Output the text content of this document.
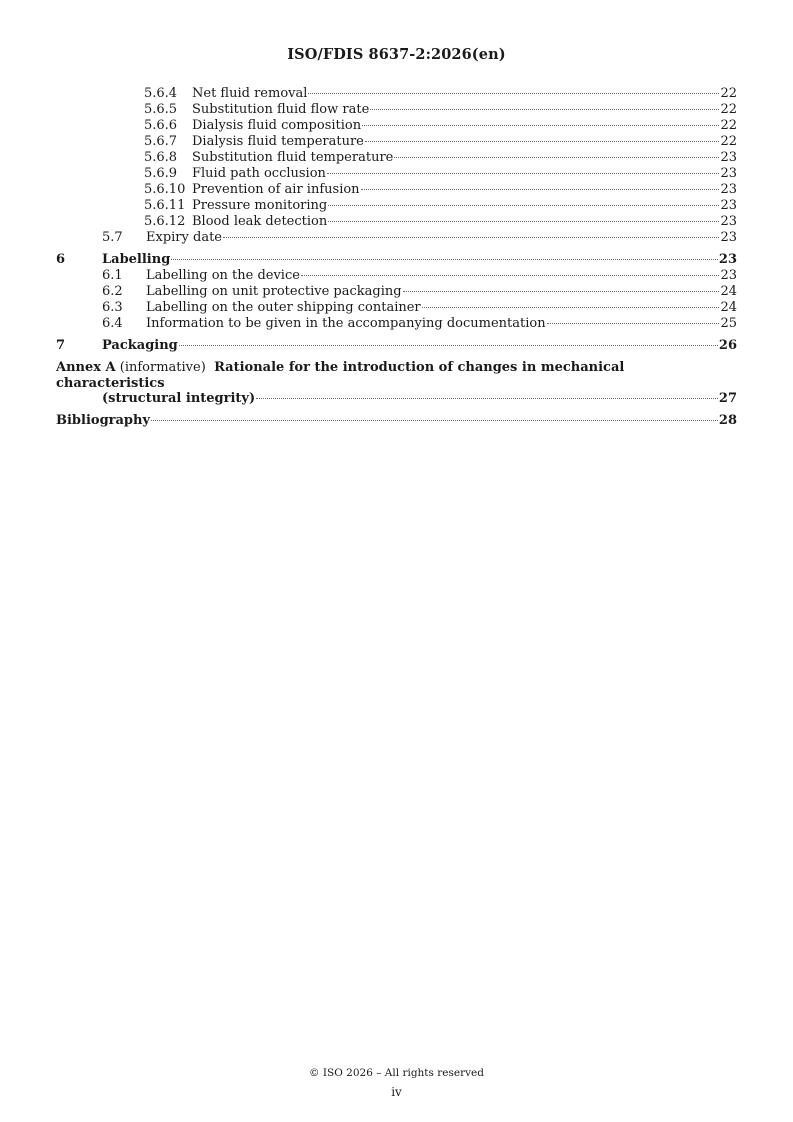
ISO/FDIS 8637-2:2026(en)
5.6.4	Net fluid removal	22
5.6.5	Substitution fluid flow rate	22
5.6.6	Dialysis fluid composition	22
5.6.7	Dialysis fluid temperature	22
5.6.8	Substitution fluid temperature	23
5.6.9	Fluid path occlusion	23
5.6.10 Prevention of air infusion	23
5.6.11 Pressure monitoring	23
5.6.12 Blood leak detection	23
5.7	Expiry date	23
6	Labelling	23
6.1	Labelling on the device	23
6.2	Labelling on unit protective packaging	24
6.3	Labelling on the outer shipping container	24
6.4	Information to be given in the accompanying documentation	25
7	Packaging	26
Annex A (informative) Rationale for the introduction of changes in mechanical characteristics
(structural integrity)	27
Bibliography	28
© ISO 2026 – All rights reserved
iv
